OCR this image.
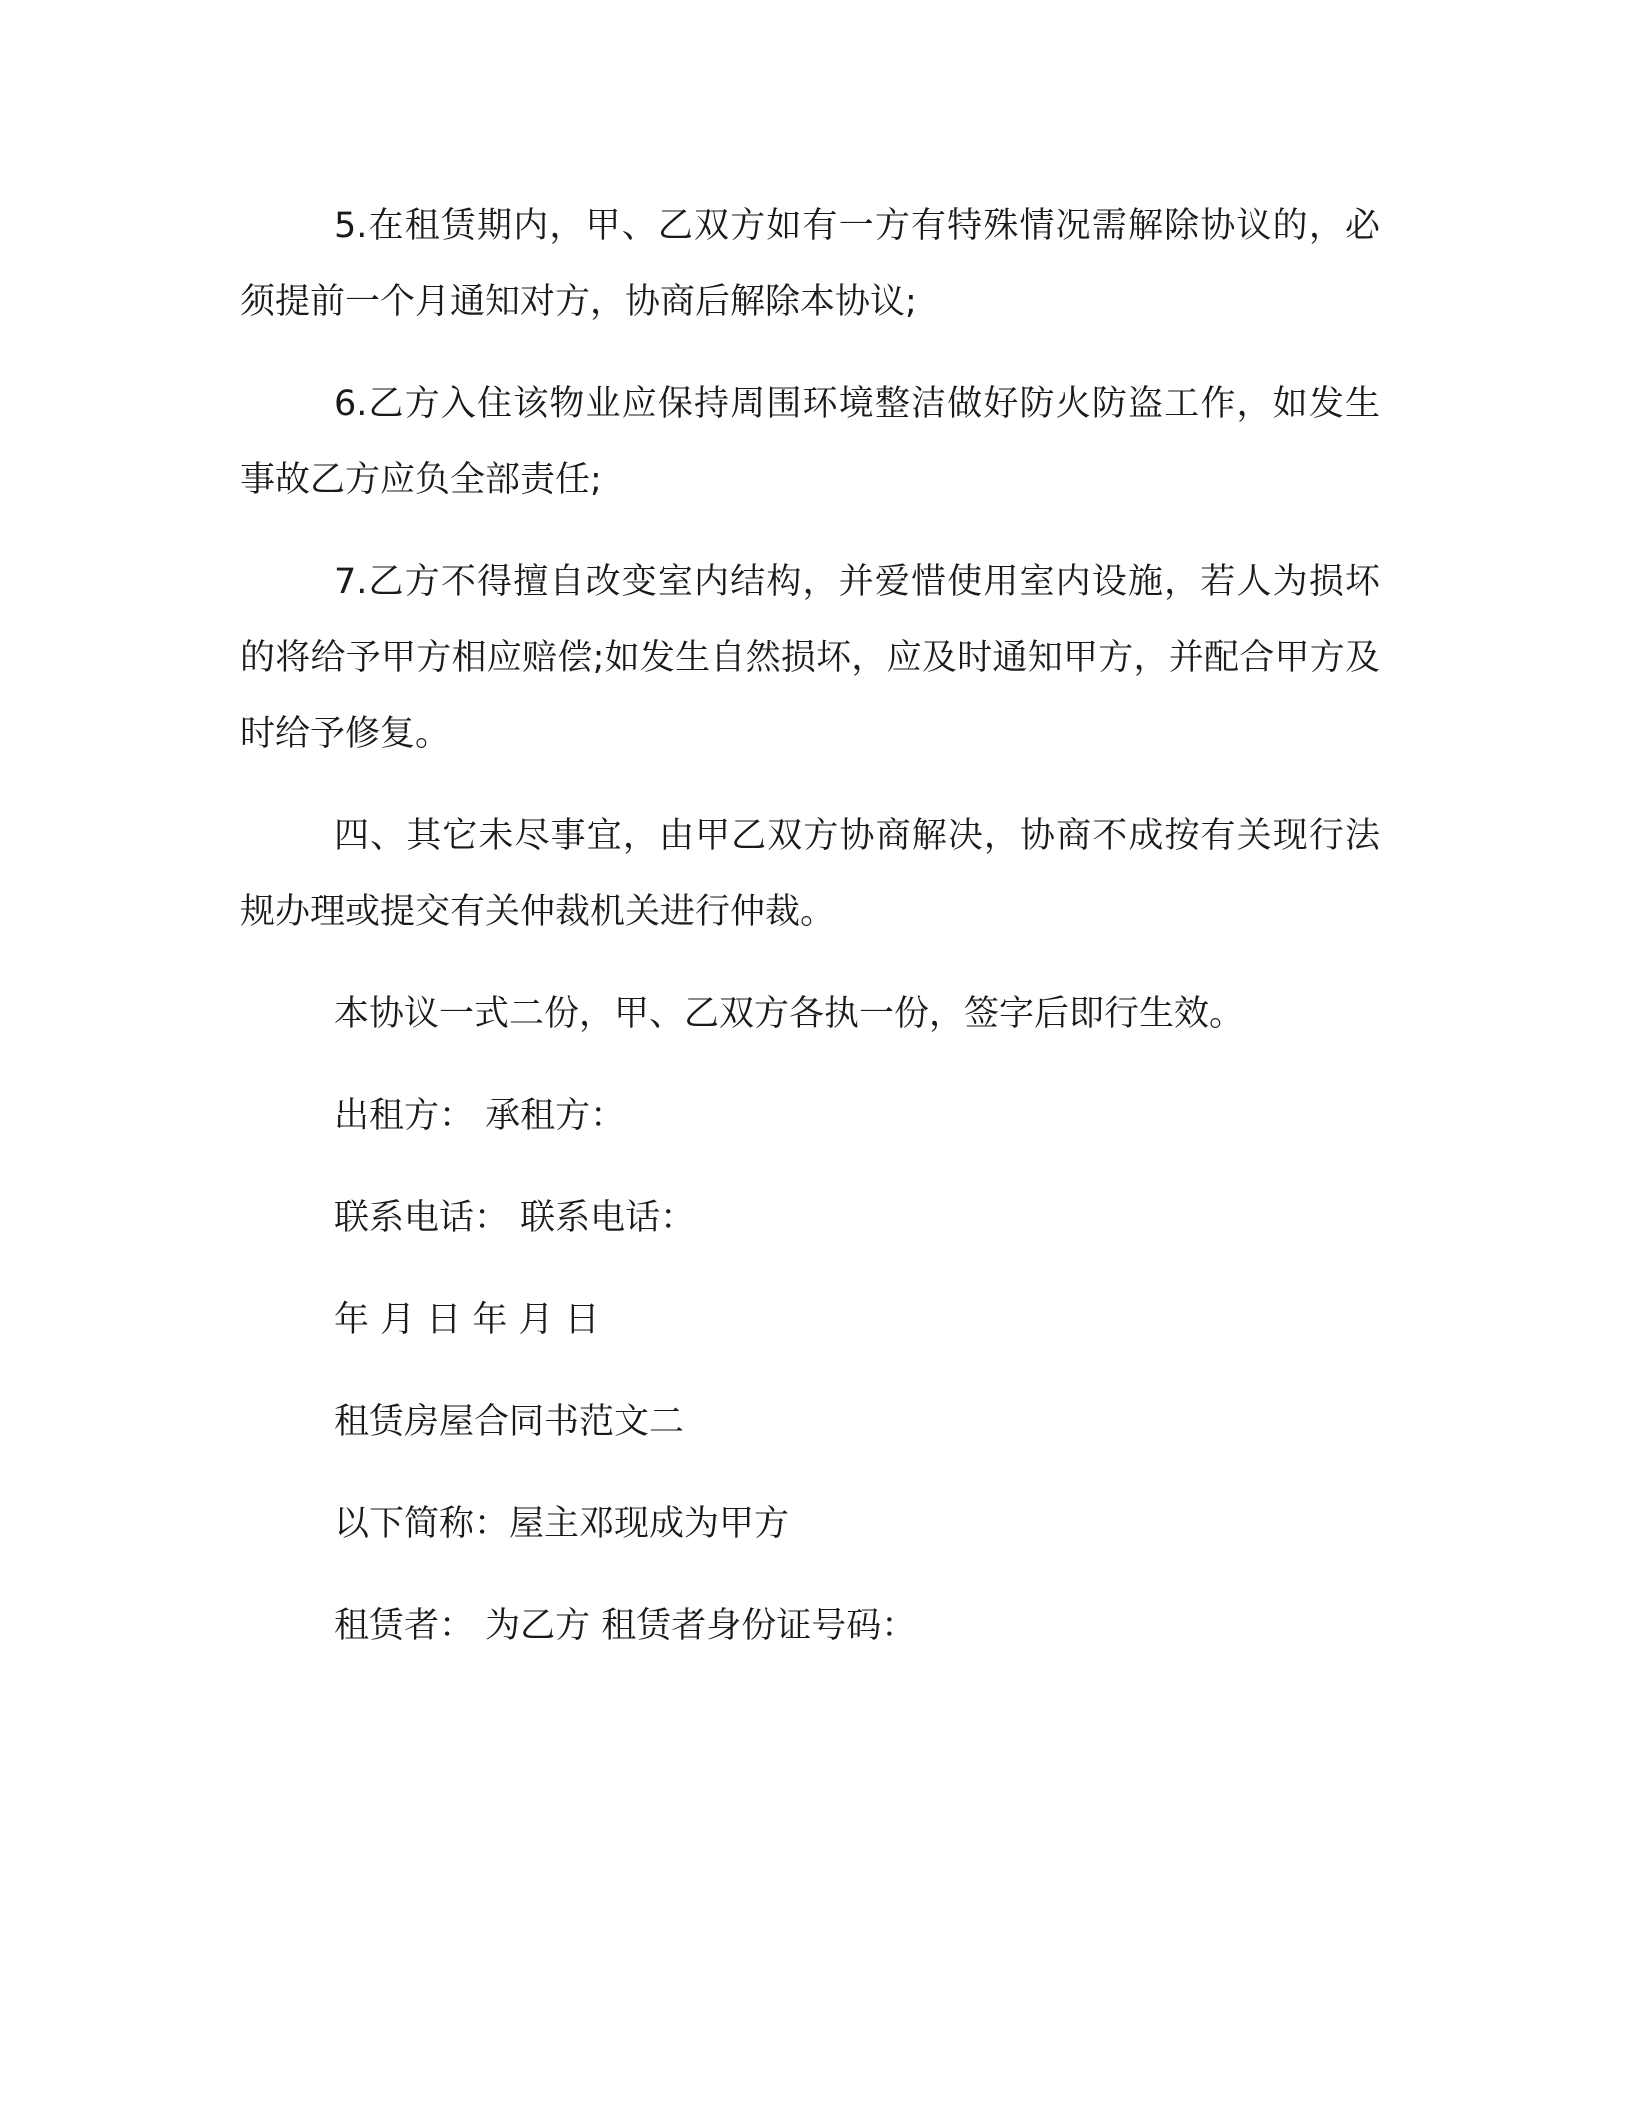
5.在租赁期内，甲、乙双方如有一方有特殊情况需解除协议的，必须提前一个月通知对方，协商后解除本协议;

6.乙方入住该物业应保持周围环境整洁做好防火防盗工作，如发生事故乙方应负全部责任;

7.乙方不得擅自改变室内结构，并爱惜使用室内设施，若人为损坏的将给予甲方相应赔偿;如发生自然损坏，应及时通知甲方，并配合甲方及时给予修复。

四、其它未尽事宜，由甲乙双方协商解决，协商不成按有关现行法规办理或提交有关仲裁机关进行仲裁。

本协议一式二份，甲、乙双方各执一份，签字后即行生效。

出租方： 承租方：

联系电话： 联系电话：

年 月 日 年 月 日

租赁房屋合同书范文二

以下简称：屋主邓现成为甲方

租赁者： 为乙方 租赁者身份证号码：
